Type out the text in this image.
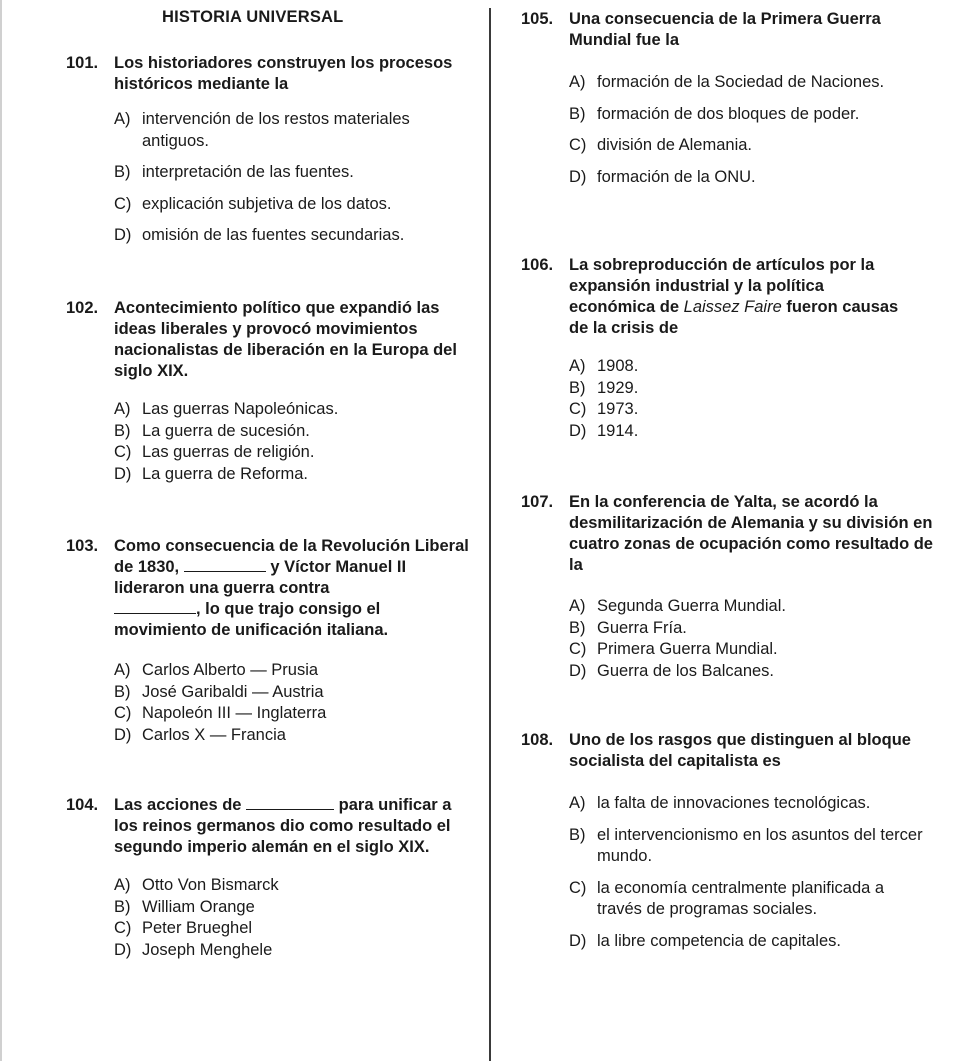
HISTORIA UNIVERSAL
101. Los historiadores construyen los procesos históricos mediante la
A) intervención de los restos materiales antiguos.
B) interpretación de las fuentes.
C) explicación subjetiva de los datos.
D) omisión de las fuentes secundarias.
102. Acontecimiento político que expandió las ideas liberales y provocó movimientos nacionalistas de liberación en la Europa del siglo XIX.
A) Las guerras Napoleónicas.
B) La guerra de sucesión.
C) Las guerras de religión.
D) La guerra de Reforma.
103. Como consecuencia de la Revolución Liberal de 1830,	y Víctor Manuel II lideraron una guerra contra
, lo que trajo consigo el movimiento de unificación italiana.
A) Carlos Alberto — Prusia
B) José Garibaldi — Austria
C) Napoleón III — Inglaterra
D) Carlos X — Francia
104. Las acciones de	para unificar a los reinos germanos dio como resultado el segundo imperio alemán en el siglo XIX.
A) Otto Von Bismarck
B) William Orange
C) Peter Brueghel
D) Joseph Menghele
105. Una consecuencia de la Primera Guerra Mundial fue la
A) formación de la Sociedad de Naciones.
B) formación de dos bloques de poder.
C) división de Alemania.
D) formación de la ONU.
106. La sobreproducción de artículos por la expansión industrial y la política económica de Laissez Faire fueron causas de la crisis de
A) 1908.
B) 1929.
C) 1973.
D) 1914.
107. En la conferencia de Yalta, se acordó la desmilitarización de Alemania y su división en cuatro zonas de ocupación como resultado de la
A) Segunda Guerra Mundial.
B) Guerra Fría.
C) Primera Guerra Mundial.
D) Guerra de los Balcanes.
108. Uno de los rasgos que distinguen al bloque socialista del capitalista es
A) la falta de innovaciones tecnológicas.
B) el intervencionismo en los asuntos del tercer mundo.
C) la economía centralmente planificada a través de programas sociales.
D) la libre competencia de capitales.
